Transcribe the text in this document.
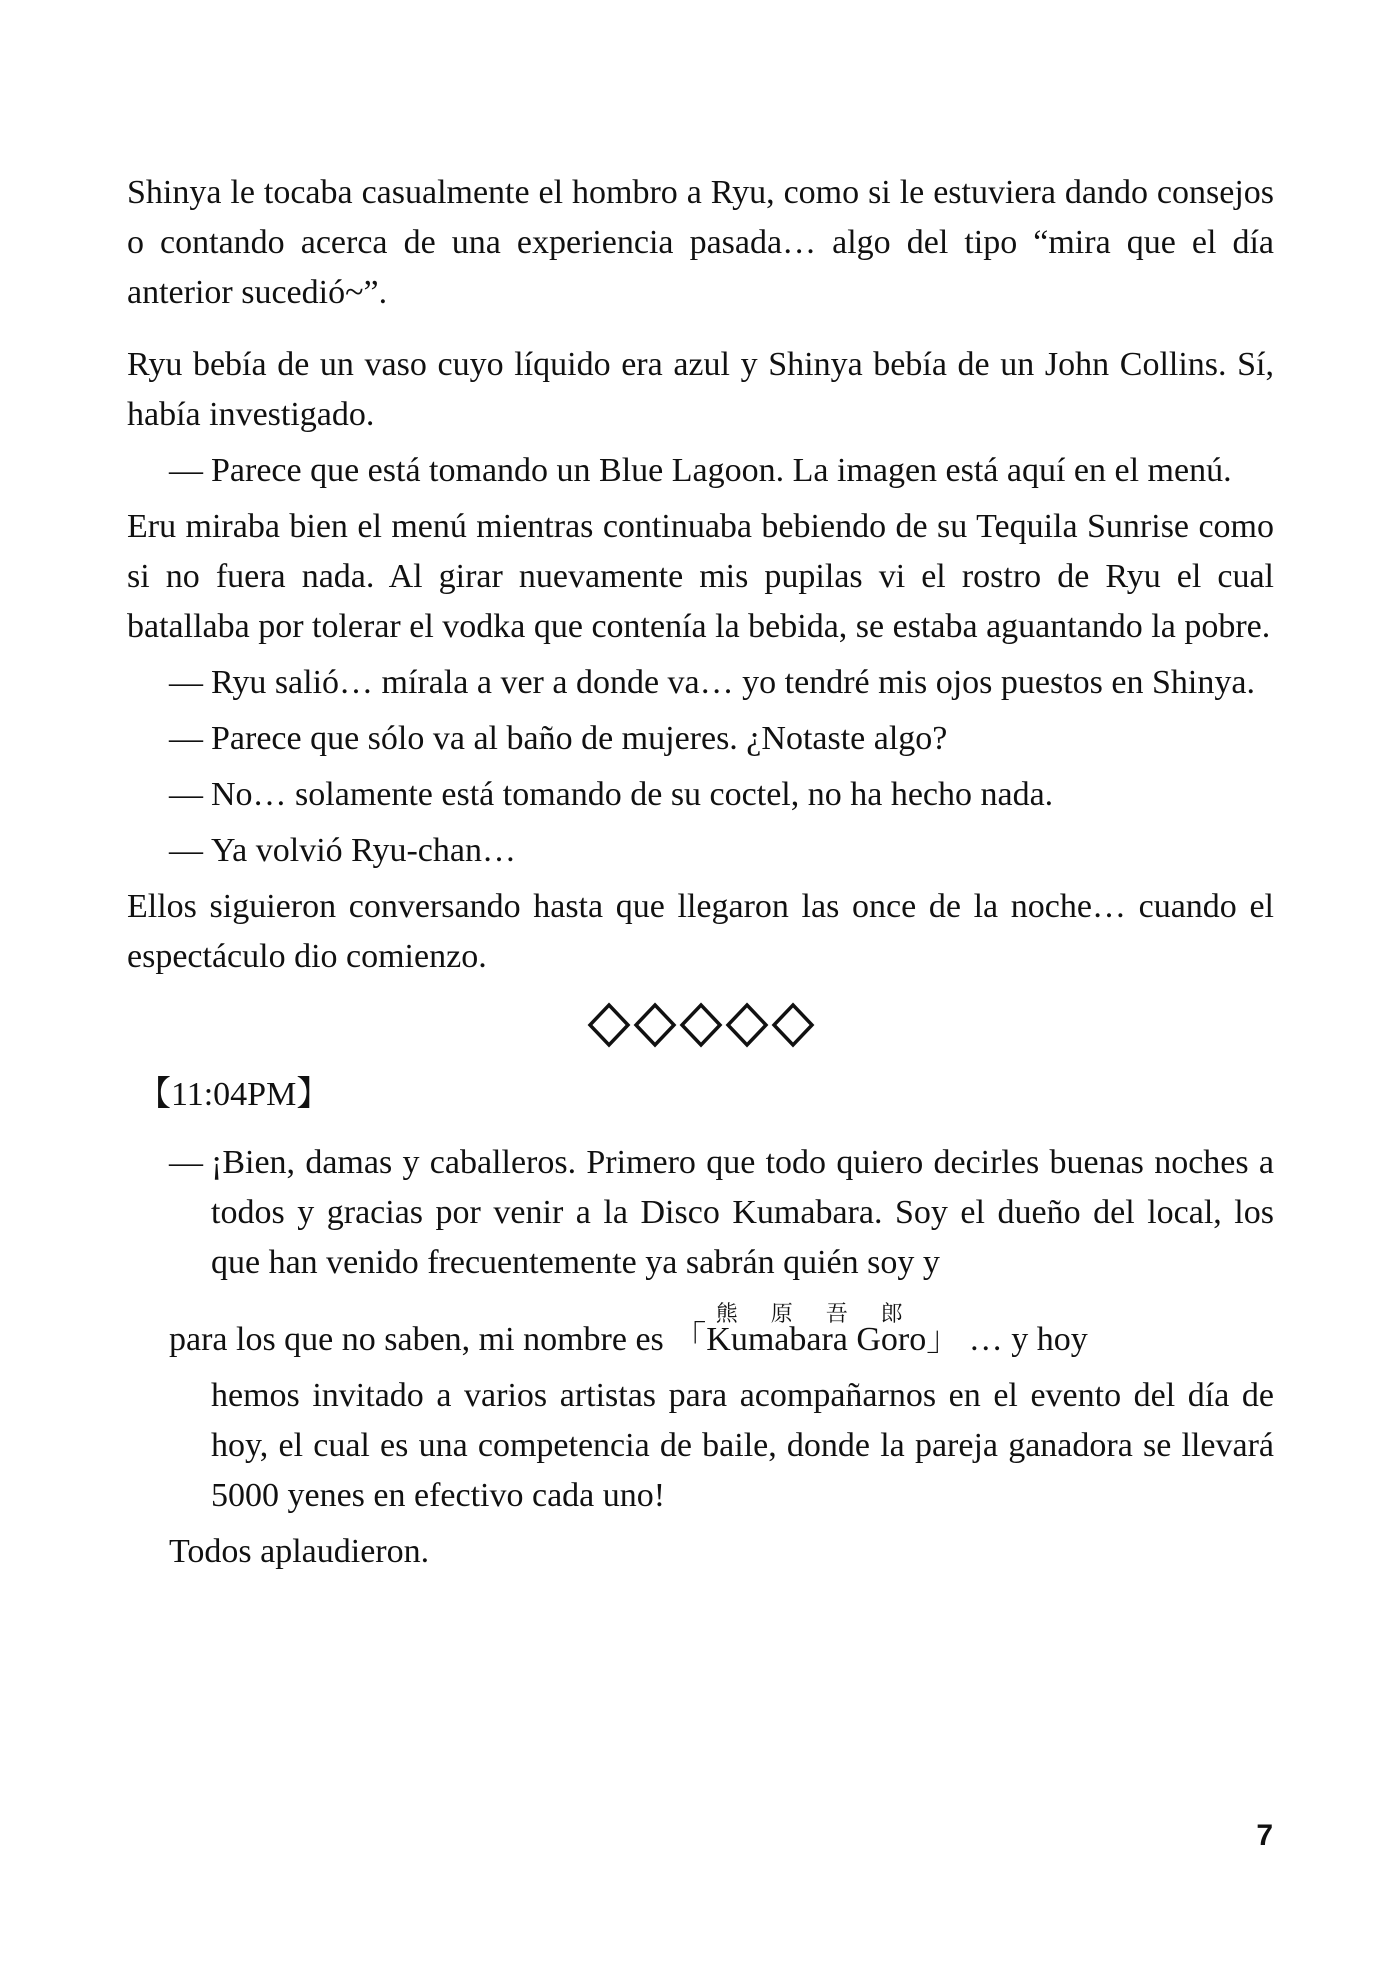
Shinya le tocaba casualmente el hombro a Ryu, como si le estuviera dando consejos o contando acerca de una experiencia pasada… algo del tipo “mira que el día anterior sucedió~”.

Ryu bebía de un vaso cuyo líquido era azul y Shinya bebía de un John Collins. Sí, había investigado.

— Parece que está tomando un Blue Lagoon. La imagen está aquí en el menú.

Eru miraba bien el menú mientras continuaba bebiendo de su Tequila Sunrise como si no fuera nada. Al girar nuevamente mis pupilas vi el rostro de Ryu el cual batallaba por tolerar el vodka que contenía la bebida, se estaba aguantando la pobre.

— Ryu salió… mírala a ver a donde va… yo tendré mis ojos puestos en Shinya.

— Parece que sólo va al baño de mujeres. ¿Notaste algo?

— No… solamente está tomando de su coctel, no ha hecho nada.

— Ya volvió Ryu-chan…

Ellos siguieron conversando hasta que llegaron las once de la noche… cuando el espectáculo dio comienzo.

【11:04PM】

— ¡Bien, damas y caballeros. Primero que todo quiero decirles buenas noches a todos y gracias por venir a la Disco Kumabara. Soy el dueño del local, los que han venido frecuentemente ya sabrán quién soy y
para los que no saben, mi nombre es 「Kumabara Goro熊原吾郎」 … y hoy
hemos invitado a varios artistas para acompañarnos en el evento del día de hoy, el cual es una competencia de baile, donde la pareja ganadora se llevará 5000 yenes en efectivo cada uno!

Todos aplaudieron.

7
